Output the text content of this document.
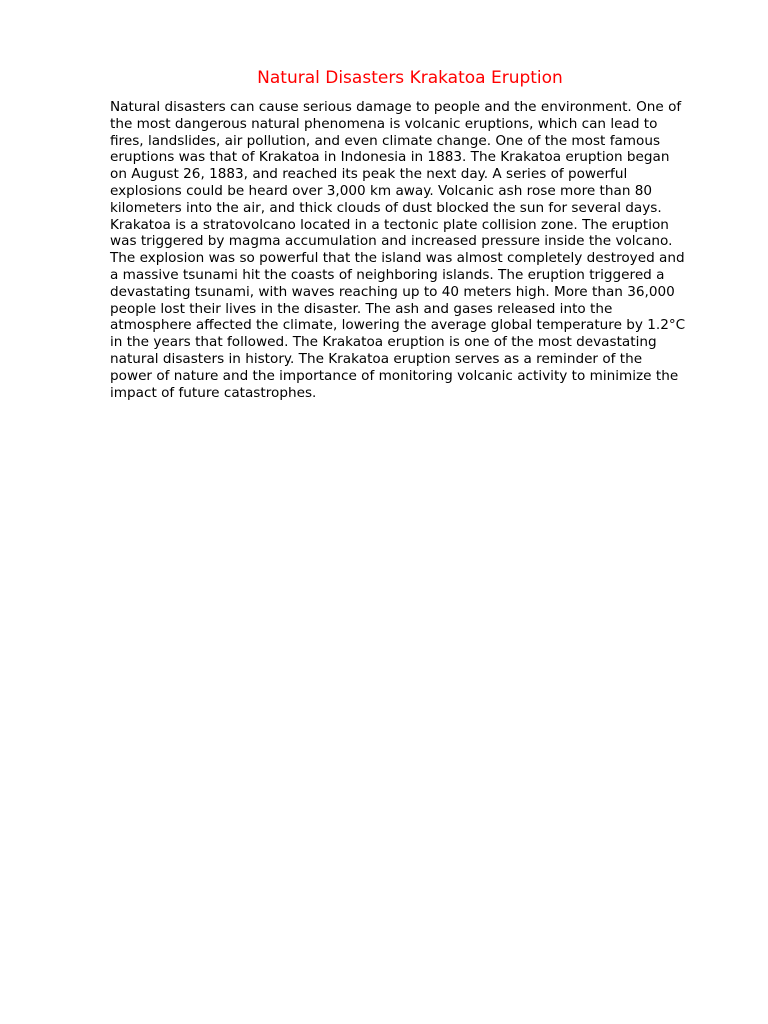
Natural Disasters Krakatoa Eruption
Natural disasters can cause serious damage to people and the environment. One of
the most dangerous natural phenomena is volcanic eruptions, which can lead to
fires, landslides, air pollution, and even climate change. One of the most famous
eruptions was that of Krakatoa in Indonesia in 1883. The Krakatoa eruption began
on August 26, 1883, and reached its peak the next day. A series of powerful
explosions could be heard over 3,000 km away. Volcanic ash rose more than 80
kilometers into the air, and thick clouds of dust blocked the sun for several days.
Krakatoa is a stratovolcano located in a tectonic plate collision zone. The eruption
was triggered by magma accumulation and increased pressure inside the volcano.
The explosion was so powerful that the island was almost completely destroyed and
a massive tsunami hit the coasts of neighboring islands. The eruption triggered a
devastating tsunami, with waves reaching up to 40 meters high. More than 36,000
people lost their lives in the disaster. The ash and gases released into the
atmosphere affected the climate, lowering the average global temperature by 1.2°C
in the years that followed. The Krakatoa eruption is one of the most devastating
natural disasters in history. The Krakatoa eruption serves as a reminder of the
power of nature and the importance of monitoring volcanic activity to minimize the
impact of future catastrophes.
